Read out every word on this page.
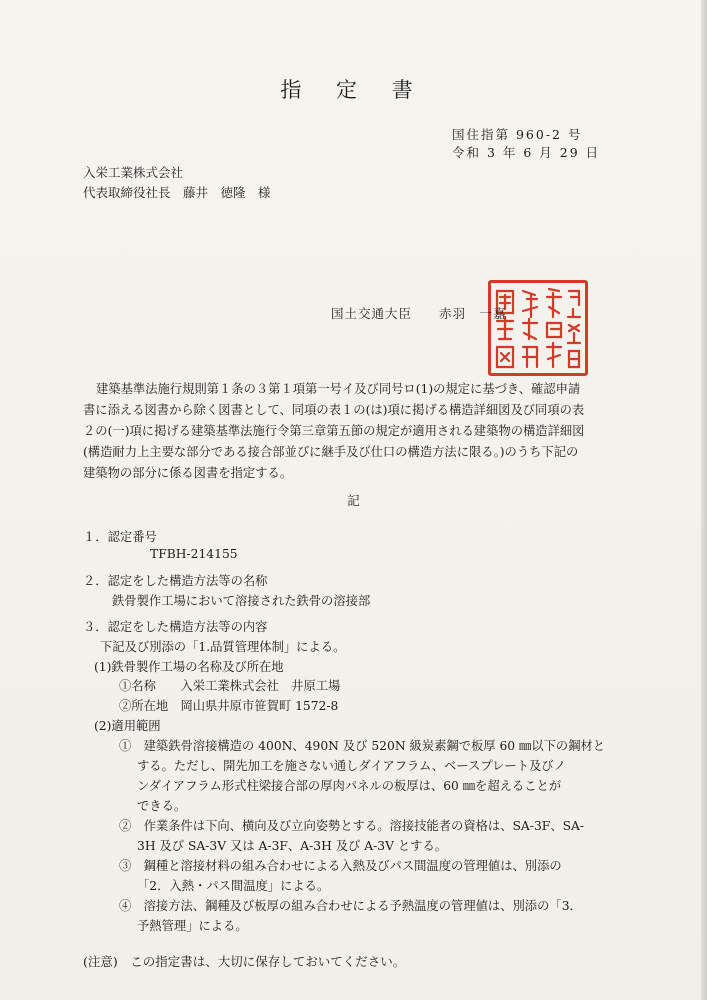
指 定 書
国住指第 960-2 号
令和 3 年 6 月 29 日
入栄工業株式会社
代表取締役社長　藤井　徳隆　様
国土交通大臣　　赤羽　一嘉
建築基準法施行規則第１条の３第１項第一号イ及び同号ロ(1)の規定に基づき、確認申請
書に添える図書から除く図書として、同項の表１の(は)項に掲げる構造詳細図及び同項の表
２の(一)項に掲げる建築基準法施行令第三章第五節の規定が適用される建築物の構造詳細図
(構造耐力上主要な部分である接合部並びに継手及び仕口の構造方法に限る。)のうち下記の
建築物の部分に係る図書を指定する。
記
１．認定番号
TFBH-214155
２．認定をした構造方法等の名称
鉄骨製作工場において溶接された鉄骨の溶接部
３．認定をした構造方法等の内容
下記及び別添の「1.品質管理体制」による。
(1)鉄骨製作工場の名称及び所在地
①名称　　入栄工業株式会社　井原工場
②所在地　岡山県井原市笹賀町 1572-8
(2)適用範囲
①　建築鉄骨溶接構造の 400N、490N 及び 520N 級炭素鋼で板厚 60 ㎜以下の鋼材と
する。ただし、開先加工を施さない通しダイアフラム、ベースプレート及びノ
ンダイアフラム形式柱梁接合部の厚肉パネルの板厚は、60 ㎜を超えることが
できる。
②　作業条件は下向、横向及び立向姿勢とする。溶接技能者の資格は、SA-3F、SA-
3H 及び SA-3V 又は A-3F、A-3H 及び A-3V とする。
③　鋼種と溶接材料の組み合わせによる入熱及びパス間温度の管理値は、別添の
「2．入熱・パス間温度」による。
(注意)　この指定書は、大切に保存しておいてください。
④　溶接方法、鋼種及び板厚の組み合わせによる予熱温度の管理値は、別添の「3．
予熱管理」による。
